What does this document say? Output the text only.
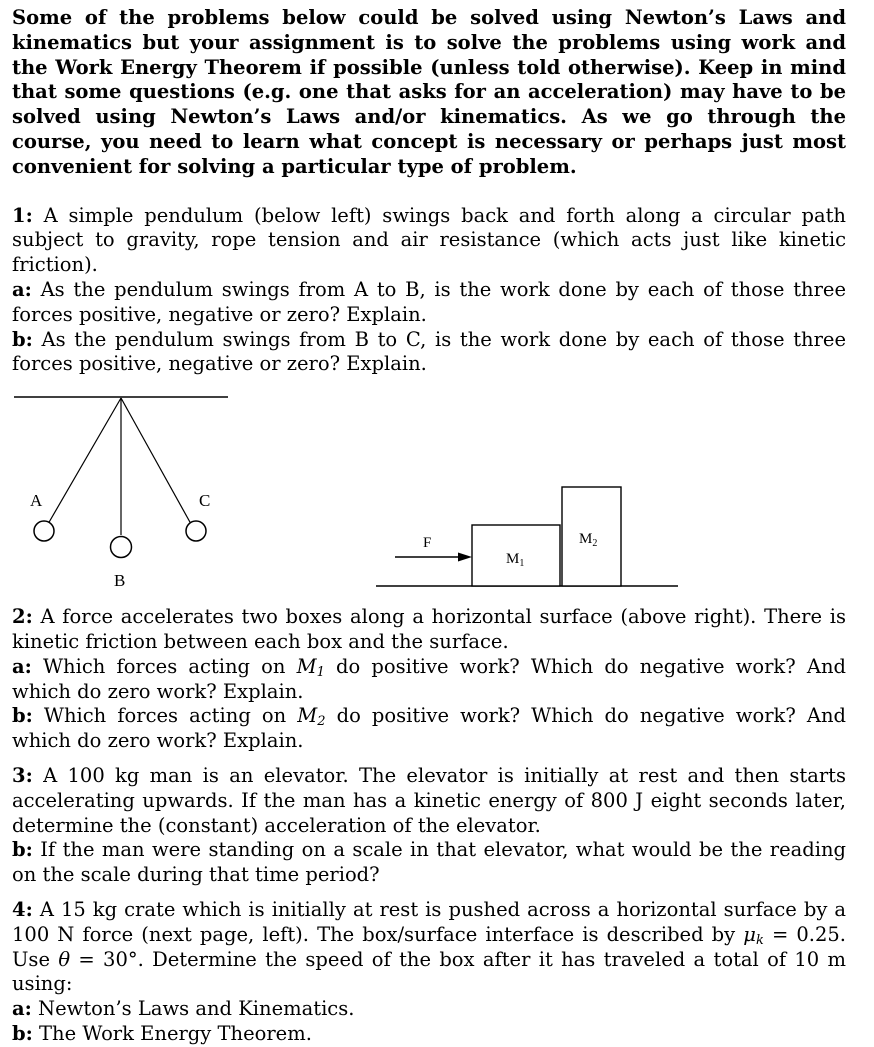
Some of the problems below could be solved using Newton’s Laws and kinematics but your assignment is to solve the problems using work and the Work Energy Theorem if possible (unless told otherwise). Keep in mind that some questions (e.g. one that asks for an acceleration) may have to be solved using Newton’s Laws and/or kinematics. As we go through the course, you need to learn what concept is necessary or perhaps just most convenient for solving a particular type of problem.

1: A simple pendulum (below left) swings back and forth along a circular path subject to gravity, rope tension and air resistance (which acts just like kinetic friction).

a: As the pendulum swings from A to B, is the work done by each of those three forces positive, negative or zero? Explain.

b: As the pendulum swings from B to C, is the work done by each of those three forces positive, negative or zero? Explain.

A
B
C
F
$M_1$
$M_2$

2: A force accelerates two boxes along a horizontal surface (above right). There is kinetic friction between each box and the surface.

a: Which forces acting on $M_1$ do positive work? Which do negative work? And which do zero work? Explain.

b: Which forces acting on $M_2$ do positive work? Which do negative work? And which do zero work? Explain.

3: A 100 kg man is an elevator. The elevator is initially at rest and then starts accelerating upwards. If the man has a kinetic energy of 800 J eight seconds later, determine the (constant) acceleration of the elevator.

b: If the man were standing on a scale in that elevator, what would be the reading on the scale during that time period?

4: A 15 kg crate which is initially at rest is pushed across a horizontal surface by a 100 N force (next page, left). The box/surface interface is described by $\mu_k = 0.25$. Use θ = 30°. Determine the speed of the box after it has traveled a total of 10 m using:

a: Newton’s Laws and Kinematics.

b: The Work Energy Theorem.
